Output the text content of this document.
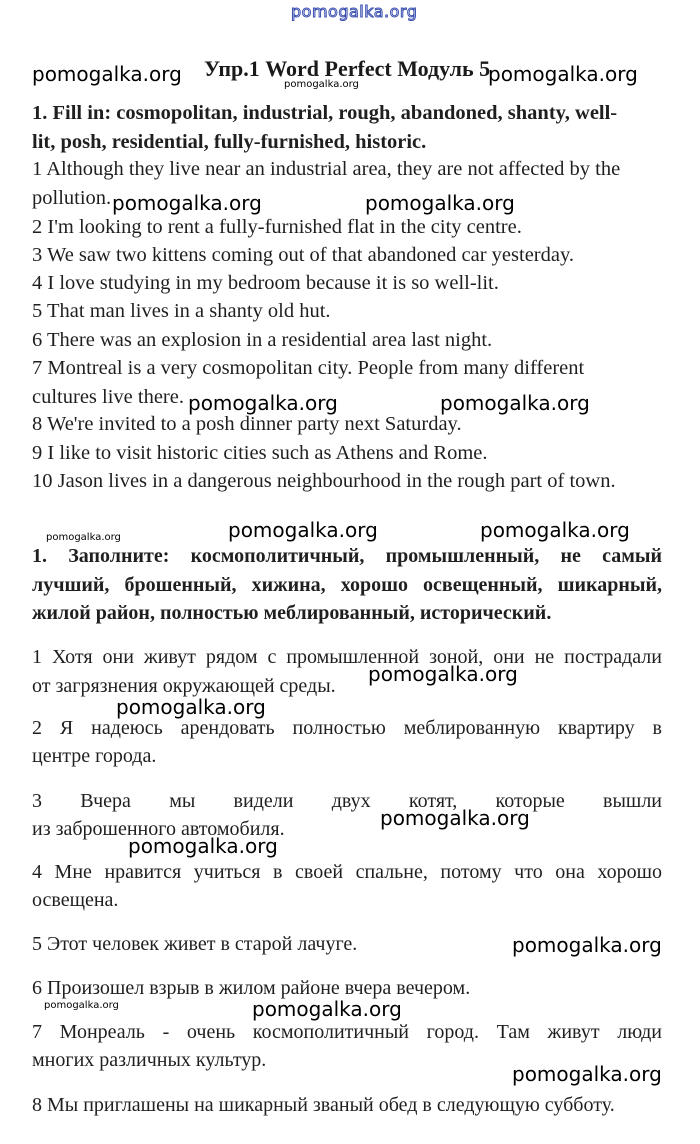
pomogalka.org
Упр.1 Word Perfect Модуль 5
pomogalka.org	pomogalka.org
pomogalka.org
1. Fill in: cosmopolitan, industrial, rough, abandoned, shanty, well-
lit, posh, residential, fully-furnished, historic.
1 Although they live near an industrial area, they are not affected by the
pollution. pomogalka.org	pomogalka.org
2 I'm looking to rent a fully-furnished flat in the city centre.
3 We saw two kittens coming out of that abandoned car yesterday.
4 I love studying in my bedroom because it is so well-lit.
5 That man lives in a shanty old hut.
6 There was an explosion in a residential area last night.
7 Montreal is a very cosmopolitan city. People from many different
cultures live there. pomogalka.org	pomogalka.org
8 We're invited to a posh dinner party next Saturday.
9 I like to visit historic cities such as Athens and Rome.
10 Jason lives in a dangerous neighbourhood in the rough part of town.
pomogalka.org	pomogalka.org	pomogalka.org
1. Заполните: космополитичный, промышленный, не самый
лучший, брошенный, хижина, хорошо освещенный, шикарный,
жилой район, полностью меблированный, исторический.
1 Хотя они живут рядом с промышленной зоной, они не пострадали
от загрязнения окружающей среды. pomogalka.org
pomogalka.org
2 Я надеюсь арендовать полностью меблированную квартиру в
центре города.
3 Вчера мы видели двух котят, которые вышли
из заброшенного автомобиля.	pomogalka.org
pomogalka.org
4 Мне нравится учиться в своей спальне, потому что она хорошо
освещена.
5 Этот человек живет в старой лачуге.	pomogalka.org
6 Произошел взрыв в жилом районе вчера вечером.
pomogalka.org	pomogalka.org
7 Монреаль - очень космополитичный город. Там живут люди
многих различных культур.
pomogalka.org
8 Мы приглашены на шикарный званый обед в следующую субботу.
